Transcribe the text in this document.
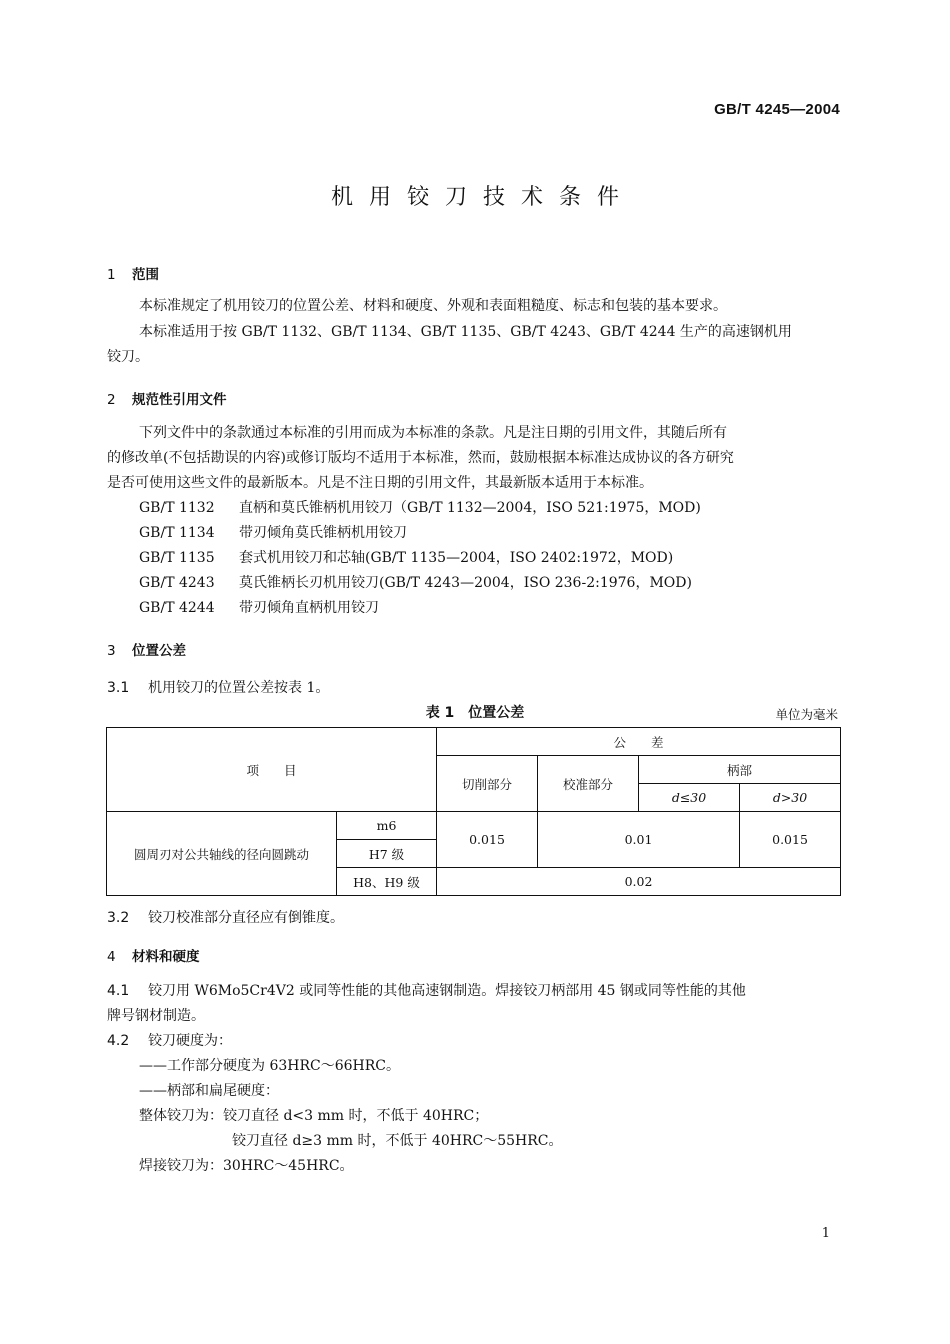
GB/T 4245—2004
机用铰刀技术条件
1 范围
本标准规定了机用铰刀的位置公差、材料和硬度、外观和表面粗糙度、标志和包装的基本要求。
本标准适用于按 GB/T 1132、GB/T 1134、GB/T 1135、GB/T 4243、GB/T 4244 生产的高速钢机用
铰刀。
2 规范性引用文件
下列文件中的条款通过本标准的引用而成为本标准的条款。凡是注日期的引用文件，其随后所有
的修改单(不包括勘误的内容)或修订版均不适用于本标准，然而，鼓励根据本标准达成协议的各方研究
是否可使用这些文件的最新版本。凡是不注日期的引用文件，其最新版本适用于本标准。
GB/T 1132 直柄和莫氏锥柄机用铰刀（GB/T 1132—2004，ISO 521:1975，MOD)
GB/T 1134 带刃倾角莫氏锥柄机用铰刀
GB/T 1135 套式机用铰刀和芯轴(GB/T 1135—2004，ISO 2402:1972，MOD)
GB/T 4243 莫氏锥柄长刃机用铰刀(GB/T 4243—2004，ISO 236-2:1976，MOD)
GB/T 4244 带刃倾角直柄机用铰刀
3 位置公差
3.1 机用铰刀的位置公差按表 1。
表 1　位置公差	单位为毫米
项　　目		公　　差			
		切削部分	校准部分	柄部	
				d≤30	d>30
圆周刃对公共轴线的径向圆跳动	m6	0.015	0.01		0.015
	H7 级				
	H8、H9 级	0.02			
3.2 铰刀校准部分直径应有倒锥度。
4 材料和硬度
4.1 铰刀用 W6Mo5Cr4V2 或同等性能的其他高速钢制造。焊接铰刀柄部用 45 钢或同等性能的其他
牌号钢材制造。
4.2 铰刀硬度为：
——工作部分硬度为 63HRC～66HRC。
——柄部和扁尾硬度：
整体铰刀为：铰刀直径 d<3 mm 时，不低于 40HRC；
铰刀直径 d≥3 mm 时，不低于 40HRC～55HRC。
焊接铰刀为：30HRC～45HRC。
1
